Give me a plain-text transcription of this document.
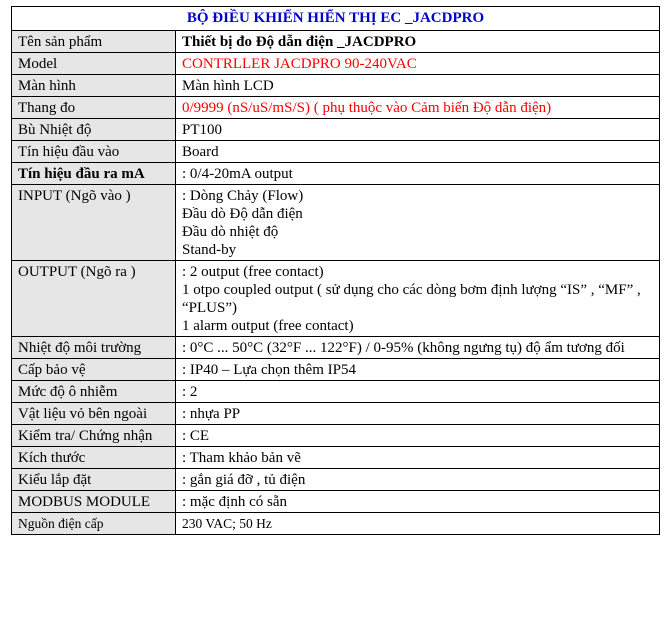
BỘ ĐIỀU KHIỂN HIỂN THỊ EC _JACDPRO	
Tên sản phẩm	Thiết bị đo Độ dẫn điện _JACDPRO
Model	CONTRLLER JACDPRO 90-240VAC
Màn hình	Màn hình LCD
Thang đo	0/9999 (nS/uS/mS/S) ( phụ thuộc vào Cảm biến Độ dẫn điện)
Bù Nhiệt độ	PT100
Tín hiệu đầu vào	Board
Tín hiệu đầu ra mA	: 0/4-20mA output
INPUT (Ngõ vào )	: Dòng Chảy (Flow)
Đầu dò Độ dẫn điện
Đầu dò nhiệt độ
Stand-by

OUTPUT (Ngõ ra )	: 2 output (free contact)
1 otpo coupled output ( sử dụng cho các dòng bơm định lượng “IS” , “MF” , “PLUS”)
1 alarm output (free contact)

Nhiệt độ môi trường	: 0°C ... 50°C (32°F ... 122°F) / 0-95% (không ngưng tụ) độ ẩm tương đối
Cấp bảo vệ	: IP40 – Lựa chọn thêm IP54
Mức độ ô nhiễm	: 2
Vật liệu vỏ bên ngoài	: nhựa PP
Kiểm tra/ Chứng nhận	: CE
Kích thước	: Tham khảo bản vẽ
Kiểu lắp đặt	: gắn giá đỡ , tủ điện
MODBUS MODULE	: mặc định có sẵn
Nguồn điện cấp	230 VAC; 50 Hz
